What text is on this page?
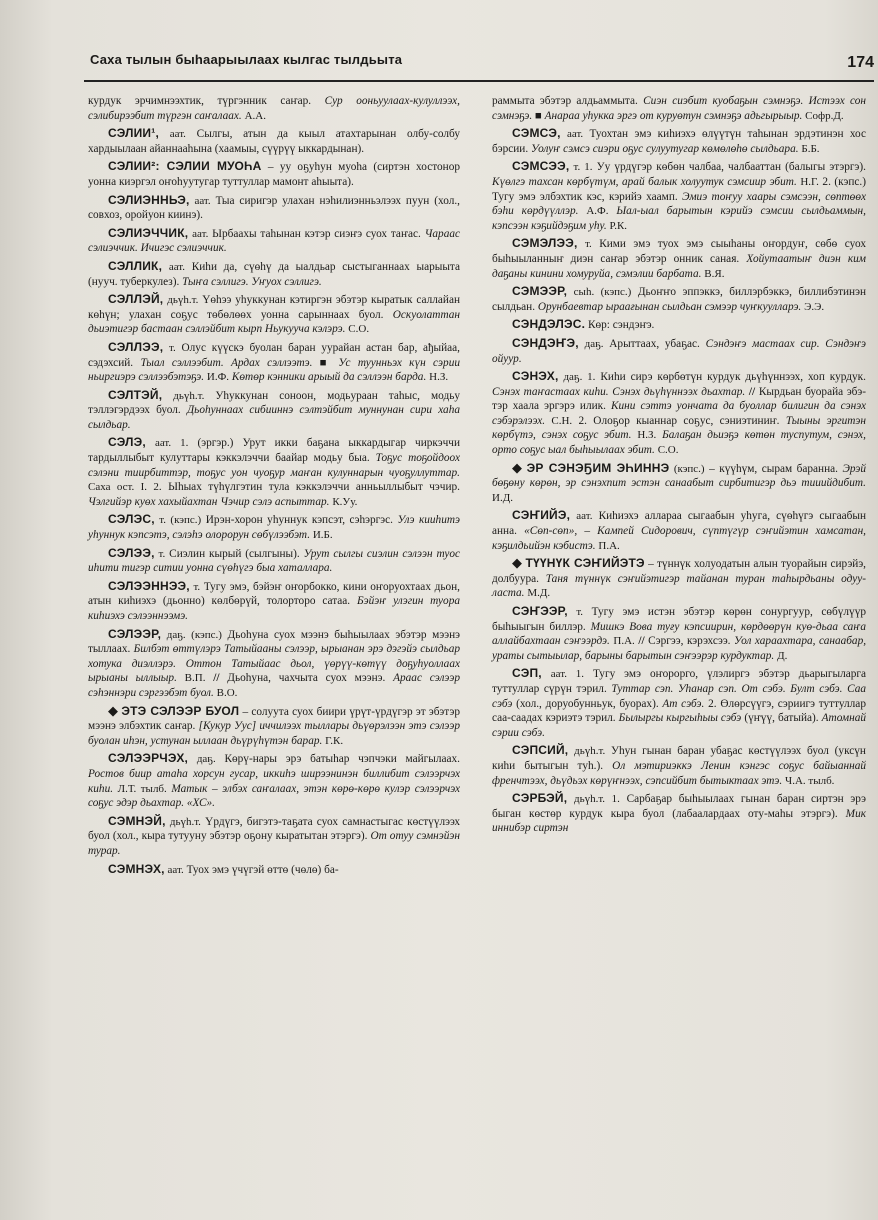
Саха тылын быһаарыылаах кылгас тылдьыта	174

курдук эрчимнээхтик, түргэнник саҥар. Сур ооньуулаах-кулуллээх, сэлибирээбит түргэн саҥалаах. А.А.

СЭЛИИ¹, аат. Сылгы, атын да кыыл атахтарынан олбу-солбу хардыылаан айаннааһына (хаамыы, сүүрүү ыккардынан).

СЭЛИИ²: СЭЛИИ МУОҺА – уу оҕуһун муоһа (сиртэн хостонор уонна киэргэл оҥоһуутугар туттуллар мамонт аһыыта).

СЭЛИЭННЬЭ, аат. Тыа сиригэр улахан нэһилиэнньэлээх пуун (хол., совхоз, оройуон киинэ).

СЭЛИЭЧЧИК, аат. Ырбаахы таһынан кэтэр сиэҥэ суох таҥас. Чараас сэлиэччик. Ичигэс сэлиэччик.

СЭЛЛИК, аат. Киһи да, сүөһү да ыалдьар сыстыганнаах ыарыыта (нууч. туберкулез). Тыҥа сэллигэ. Уҥуох сэллигэ.

СЭЛЛЭЙ, дьүһ.т. Үөһээ уһуккунан кэтиргэн эбэтэр кыратык саллайан көһүн; улахан соҕус төбөлөөх уонна сарыннаах буол. Оскуолаттан дьиэтигэр бастаан сэллэйбит кырп Ньукууча кэлэрэ. С.О.

СЭЛЛЭЭ, т. Олус күүскэ буолан баран уурайан астан бар, ађыйаа, сэдэхсий. Тыал сэллээбит. Ардах сэллээтэ. ■ Ус туунньэх күн сэрии ньиргиэрэ сэллээбэтэҕэ. И.Ф. Көтөр кэнники арыый да сэллээн барда. Н.З.

СЭЛТЭЙ, дьүһ.т. Уһуккунан сонoон, модьураан таһыс, модьу тэллэгэрдээх буол. Дьоһуннаах сибииннэ сэлтэйбит муннунан сири хаһа сылдьар.

СЭЛЭ, аат. 1. (эргэр.) Урут икки баҕана ыккардыгар чиркэччи тардыллыбыт кулуттары кэккэлэччи баайар модьу быа. Тоҕус тоҕойдоох сэлэни тиирбиттэр, тоҕус уон чуоҕур маҥан кулуннарын чуоҕуллуттар. Саха ост. I. 2. Ыһыах түһүлгэтин тула кэккэлэччи анньыллыбыт чэчир. Чэлгийэр куөх хахыйахтан Чэчир сэлэ аспыттар. К.Уу.

СЭЛЭС, т. (кэпс.) Ирэн-хорон уһуннук кэпсэт, сэһэргэс. Улэ кииһитэ уһуннук кэпсэтэ, сэлэһэ олорорун сөбүлээбэт. И.Б.

СЭЛЭЭ, т. Сиэлин кырый (сылгыны). Урут сылгы сиэлин сэлээн туос иһити тигэр ситии уонна сүөһүгэ быа хаталлара.

СЭЛЭЭННЭЭ, т. Тугу эмэ, бэйэҥ оҥорбокко, кини оҥоруохтаах дьон, атын киһиэхэ (дьонно) көлбөрүй, толорторо сатаа. Бэйэҥ улэгин туора киһиэхэ сэлээннээмэ.

СЭЛЭЭР, даҕ. (кэпс.) Дьоһуна суох мээнэ быһыылаах эбэтэр мээнэ тыллаах. Билбэт өттүлэрэ Татыйааны сэлээр, ырыанан эрэ дэгэйэ сылдьар хотука диэллэрэ. Оттон Татыйаас дьол, үөрүү-көтүү доҕуһуоллаах ырыаны ыллыыр. В.П. // Дьоһуна, чахчыта суох мээнэ. Араас сэлээр сэһэннэри сэргээбэт буол. В.О.

◆ ЭТЭ СЭЛЭЭР БУОЛ – солуута суох биири үрүт-үрдүгэр эт эбэтэр мээнэ элбэхтик саҥар. [Кукур Уус] иччилээх тыллары дьүөрэлээн этэ сэлээр буолан иһэн, устунан ыллаан дьүрүһүтэн барар. Г.К.

СЭЛЭЭРЧЭХ, даҕ. Көрү-нары эрэ батыһар чэпчэки майгылаах. Ростов биир атаһа хорсун гусар, иккиһэ ширээнинэн биллибит сэлээрчэх киһи. Л.Т. тылб. Матык – элбэх саҥалаах, этэн көрө-көрө кулэр сэлээрчэх соҕус эдэр дьахтар. «ХС».

СЭМНЭЙ, дьүһ.т. Үрдүгэ, бигэтэ-таҕата суох самнастыгас көстүүлээх буол (хол., кыра тутууну эбэтэр оҕону кыратытан этэргэ). От отуу сэмнэйэн турар.

СЭМНЭХ, аат. Туох эмэ үчүгэй өттө (чөлө) ба-

раммыта эбэтэр алдьаммыта. Сиэн сиэбит куобаҕын сэмнэҕэ. Истээх сон сэмнэҕэ. ■ Анараа уһукка эргэ от куруөтун сэмнэҕэ адьгырыыр. Софр.Д.

СЭМСЭ, аат. Туохтан эмэ киһиэхэ өлүүтүн таһынан эрдэтинэн хос бэрсии. Уолуҥ сэмсэ сиэри оҕус сулуутугар көмөлөһө сылдьара. Б.Б.

СЭМСЭЭ, т. 1. Уу үрдүгэр көбөн чалбаа, чалбааттан (балыгы этэргэ). Күөлгэ тахсан көрбүтүм, арай балык холуутук сэмсиир эбит. Н.Г. 2. (кэпс.) Тугу эмэ элбэхтик кэс, кэрийэ хаамп. Эмиэ тоҥуу хаары сэмсээн, сөптөөх бэһи көрдүүллэр. А.Ф. Ыал-ыал барытын кэрийэ сэмсии сылдьаммын, кэпсээн кэҕийдэҕим уһу. Р.К.

СЭМЭЛЭЭ, т. Кими эмэ туох эмэ сыыһаны оҥордуҥ, сөбө суох быһыыланныҥ диэн саҥар эбэтэр онник саная. Хойутаатыҥ диэн ким даҕаны кинини хомуруйа, сэмэлии барбата. В.Я.

СЭМЭЭР, сыһ. (кэпс.) Дьоҥҥо эппэккэ, биллэрбэккэ, биллибэтинэн сылдьан. Орунбаевтар ыраағынан сылдьан сэмээр чуҥкуулларэ. Э.Э.

СЭНДЭЛЭС. Көр: сэндэҥэ.

СЭНДЭҤЭ, даҕ. Арыттаах, убаҕас. Сэндэҥэ мастаах сир. Сэндэҥэ ойуур.

СЭНЭХ, даҕ. 1. Киһи сирэ көрбөтүн курдук дьүһүннээх, хоп курдук. Сэнэх таҥастаах киһи. Сэнэх дьүһүннээх дьахтар. // Кырдьан буорайа эбэтэр хаала эргэрэ илик. Кини сэттэ уончата да буоллар билигин да сэнэх сэбэрэлээх. С.Н. 2. Олоҕор кыаннар соҕус, сэниэтиниҥ. Тыыны эргитэн көрбүтэ, сэнэх соҕус эбит. Н.З. Балаҕан дьиэҕэ көтөн туспутум, сэнэх, орто соҕус ыал быһыылаах эбит. С.О.

◆ ЭР СЭНЭҔИМ ЭҺИННЭ (кэпс.) – күүһүм, сырам баранна. Эрэй бөҕөну көрөн, эр сэнэхпит эстэн санаабыт сирбитигэр дьэ тииийдибит. И.Д.

СЭҤИЙЭ, аат. Киһиэхэ аллараа сыгаабын уһуга, сүөһүгэ сыгаабын анна. «Сөп-сөп», – Кампей Сидорович, сүптүгүр сэҥийэтин хамсатан, кэҕилдьийэн кэбистэ. П.А.

◆ ТҮҮНҮК СЭҤИЙЭТЭ – түннүк холуодатын алын туорайын сирэйэ, долбуура. Таня түннүк сэҥийэтигэр тайанан туран таһырдьаны одууласта. М.Д.

СЭҤЭЭР, т. Тугу эмэ истэн эбэтэр көрөн сонургуур, сөбүлүүр быһыыгын биллэр. Мишкэ Вова туғу кэпсиирин, көрдөөрүн куө-дьаа саҥа аллайбахтаан сэҥээрдэ. П.А. // Сэргээ, кэрэхсээ. Уол хараахтара, санаабар, ураты сытыылар, барыны барытын сэҥээрэр курдуктар. Д.

СЭП, аат. 1. Тугу эмэ оҥорорго, үлэлиргэ эбэтэр дьарыгыларга туттуллар сүрүн тэрил. Туттар сэп. Уһанар сэп. От сэбэ. Булт сэбэ. Саа сэбэ (хол., доруобунньук, буорах). Ат сэбэ. 2. Өлөрсүүгэ, сэриигэ туттуллар саа-саадах кэриэтэ тэрил. Былыргы кыргыһыы сэбэ (үҥүү, батыйа). Атомнай сэрии сэбэ.

СЭПСИЙ, дьүһ.т. Уһун гынан баран убаҕас көстүүлээх буол (уксүн киһи бытыгын туһ.). Ол мэтириэккэ Ленин кэнгэс соҕус байыаннай френчтээх, дьүдьэх көрүҥнээх, сэпсийбит бытыктаах этэ. Ч.А. тылб.

СЭРБЭЙ, дьүһ.т. 1. Сарбаҕар быһыылаах гынан баран сиртэн эрэ быган көстөр курдук кыра буол (лабаалардаах оту-маһы этэргэ). Мик иннибэр сиртэн
